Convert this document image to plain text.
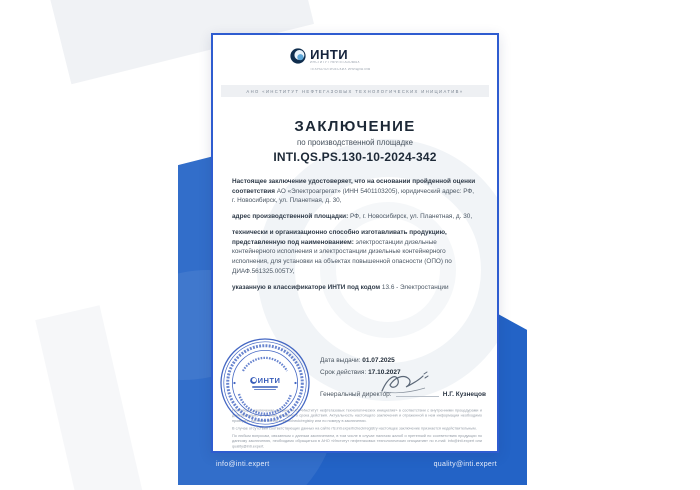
ИНТИ
ИНСТИТУТ НЕФТЕГАЗОВЫХ
ТЕХНОЛОГИЧЕСКИХ ИНИЦИАТИВ
АНО «ИНСТИТУТ НЕФТЕГАЗОВЫХ ТЕХНОЛОГИЧЕСКИХ ИНИЦИАТИВ»
ЗАКЛЮЧЕНИЕ
по производственной площадке
INTI.QS.PS.130-10-2024-342

Настоящее заключение удостоверяет, что на основании пройденной оценки соответствия АО «Электроагрегат» (ИНН 5401103205), юридический адрес: РФ, г. Новосибирск, ул. Планетная, д. 30,

адрес производственной площадки: РФ, г. Новосибирск, ул. Планетная, д. 30,

технически и организационно способно изготавливать продукцию, представленную под наименованием: электростанции дизельные контейнерного исполнения и электростанции дизельные контейнерного исполнения, для установки на объектах повышенной опасности (ОПО) по ДИАФ.561325.005ТУ,

указанную в классификаторе ИНТИ под кодом 13.6 - Электростанции

ИНТИ
Дата выдачи: 01.07.2025
Срок действия: 17.10.2027
Генеральный директор:	Н.Г. Кузнецов

Настоящее заключение выдано АНО «Институт нефтегазовых технологических инициатив» в соответствии с внутренними процедурами и действительно в течение указанного срока действия. Актуальность настоящего заключения и отраженной в нем информации необходимо проверять на сайте rfs.inti.expert/check/registry или по номеру в заключении.

В случае отсутствия соответствующих данных на сайте rfs.inti.expert/check/registry настоящее заключение признается недействительным.

По любым вопросам, связанным с данным заключением, в том числе в случае наличия жалоб и претензий по соответствию продукции по данному заключению, необходимо обращаться в АНО «Институт нефтегазовых технологических инициатив» по e-mail: info@inti.expert или quality@inti.expert.

info@inti.expert	quality@inti.expert
